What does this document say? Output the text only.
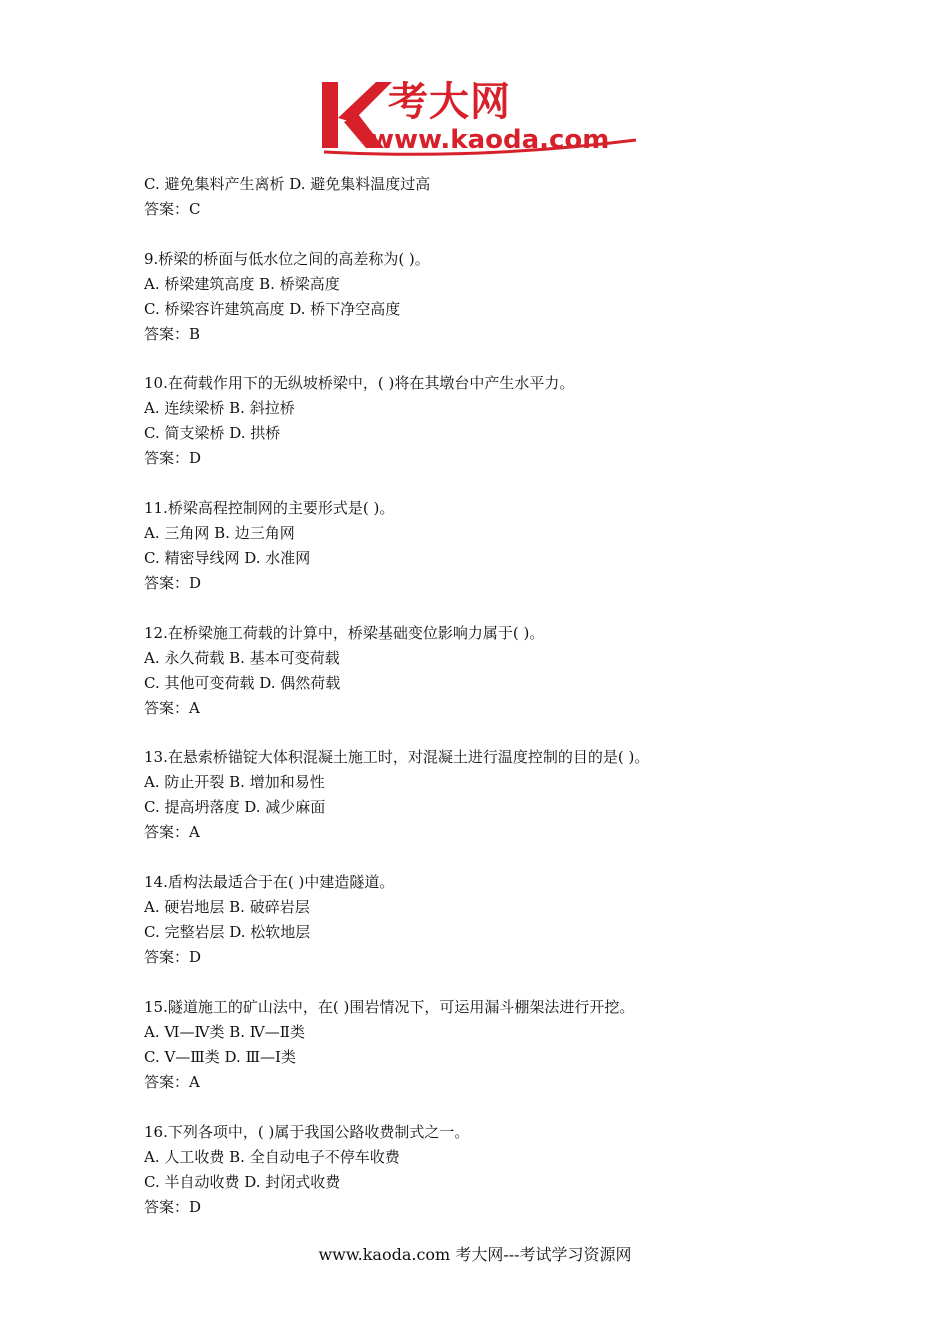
考大网
www.kaoda.com
C. 避免集料产生离析 D. 避免集料温度过高
答案：C
9.桥梁的桥面与低水位之间的高差称为( )。
A. 桥梁建筑高度 B. 桥梁高度
C. 桥梁容许建筑高度 D. 桥下净空高度
答案：B
10.在荷载作用下的无纵坡桥梁中，( )将在其墩台中产生水平力。
A. 连续梁桥 B. 斜拉桥
C. 简支梁桥 D. 拱桥
答案：D
11.桥梁高程控制网的主要形式是( )。
A. 三角网 B. 边三角网
C. 精密导线网 D. 水准网
答案：D
12.在桥梁施工荷载的计算中，桥梁基础变位影响力属于( )。
A. 永久荷载 B. 基本可变荷载
C. 其他可变荷载 D. 偶然荷载
答案：A
13.在悬索桥锚锭大体积混凝土施工时，对混凝土进行温度控制的目的是( )。
A. 防止开裂 B. 增加和易性
C. 提高坍落度 D. 减少麻面
答案：A
14.盾构法最适合于在( )中建造隧道。
A. 硬岩地层 B. 破碎岩层
C. 完整岩层 D. 松软地层
答案：D
15.隧道施工的矿山法中，在( )围岩情况下，可运用漏斗棚架法进行开挖。
A. Ⅵ—Ⅳ类 B. Ⅳ—Ⅱ类
C. Ⅴ—Ⅲ类 D. Ⅲ—Ⅰ类
答案：A
16.下列各项中，( )属于我国公路收费制式之一。
A. 人工收费 B. 全自动电子不停车收费
C. 半自动收费 D. 封闭式收费
答案：D
www.kaoda.com 考大网---考试学习资源网
